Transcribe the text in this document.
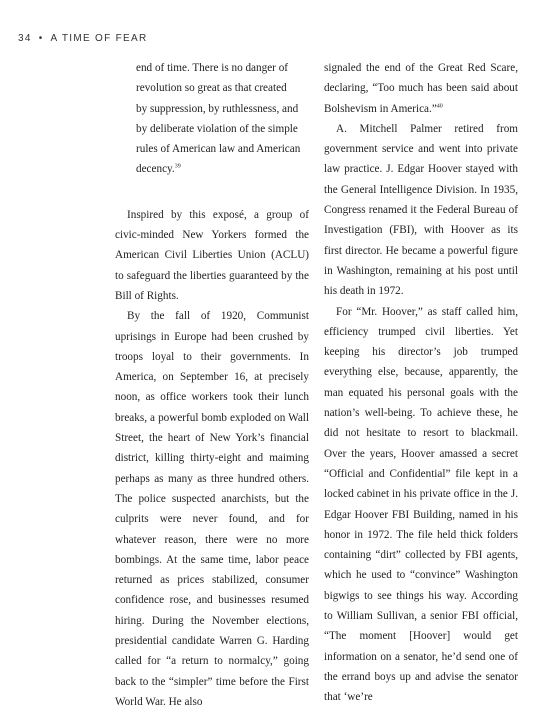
34 • A TIME OF FEAR

end of time. There is no danger of

revolution so great as that created

by suppression, by ruthlessness, and

by deliberate violation of the simple

rules of American law and American

decency.$^{39}$

Inspired by this exposé, a group of civic-minded New Yorkers formed the American Civil Liberties Union (ACLU) to safeguard the liberties guaranteed by the Bill of Rights.

By the fall of 1920, Communist uprisings in Europe had been crushed by troops loyal to their governments. In America, on September 16, at precisely noon, as office workers took their lunch breaks, a powerful bomb exploded on Wall Street, the heart of New York’s financial district, killing thirty-eight and maiming perhaps as many as three hundred others. The police suspected anarchists, but the culprits were never found, and for whatever reason, there were no more bombings. At the same time, labor peace returned as prices stabilized, consumer confidence rose, and businesses resumed hiring. During the November elections, presidential candidate Warren G. Harding called for “a return to normalcy,” going back to the “simpler” time before the First World War. He also

signaled the end of the Great Red Scare, declaring, “Too much has been said about Bolshevism in America.”$^{40}$

A. Mitchell Palmer retired from government service and went into private law practice. J. Edgar Hoover stayed with the General Intelligence Division. In 1935, Congress renamed it the Federal Bureau of Investigation (FBI), with Hoover as its first director. He became a powerful figure in Washington, remaining at his post until his death in 1972.

For “Mr. Hoover,” as staff called him, efficiency trumped civil liberties. Yet keeping his director’s job trumped everything else, because, apparently, the man equated his personal goals with the nation’s well-being. To achieve these, he did not hesitate to resort to blackmail. Over the years, Hoover amassed a secret “Official and Confidential” file kept in a locked cabinet in his private office in the J. Edgar Hoover FBI Building, named in his honor in 1972. The file held thick folders containing “dirt” collected by FBI agents, which he used to “convince” Washington bigwigs to see things his way. According to William Sullivan, a senior FBI official, “The moment [Hoover] would get information on a senator, he’d send one of the errand boys up and advise the senator that ‘we’re
